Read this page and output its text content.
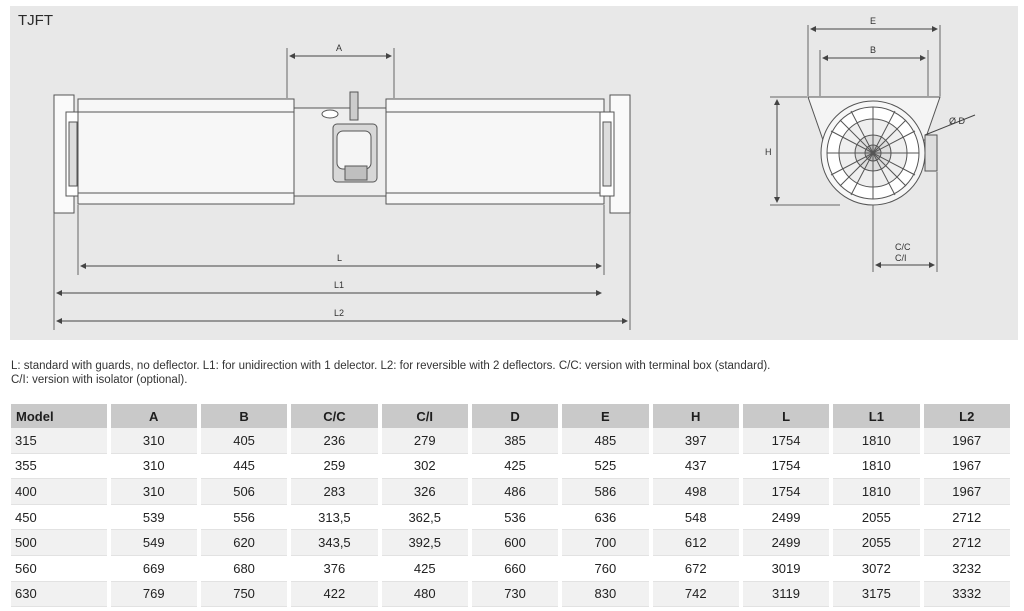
TJFT
A
L
L1
L2
E
B
H
Ø D
C/C
C/I
L: standard with guards, no deflector. L1: for unidirection with 1 delector. L2: for reversible with 2 deflectors. C/C: version with terminal box (standard).
C/I: version with isolator (optional).
Model	A	B	C/C	C/I	D	E	H	L	L1	L2
315	310	405	236	279	385	485	397	1754	1810	1967
355	310	445	259	302	425	525	437	1754	1810	1967
400	310	506	283	326	486	586	498	1754	1810	1967
450	539	556	313,5	362,5	536	636	548	2499	2055	2712
500	549	620	343,5	392,5	600	700	612	2499	2055	2712
560	669	680	376	425	660	760	672	3019	3072	3232
630	769	750	422	480	730	830	742	3119	3175	3332
